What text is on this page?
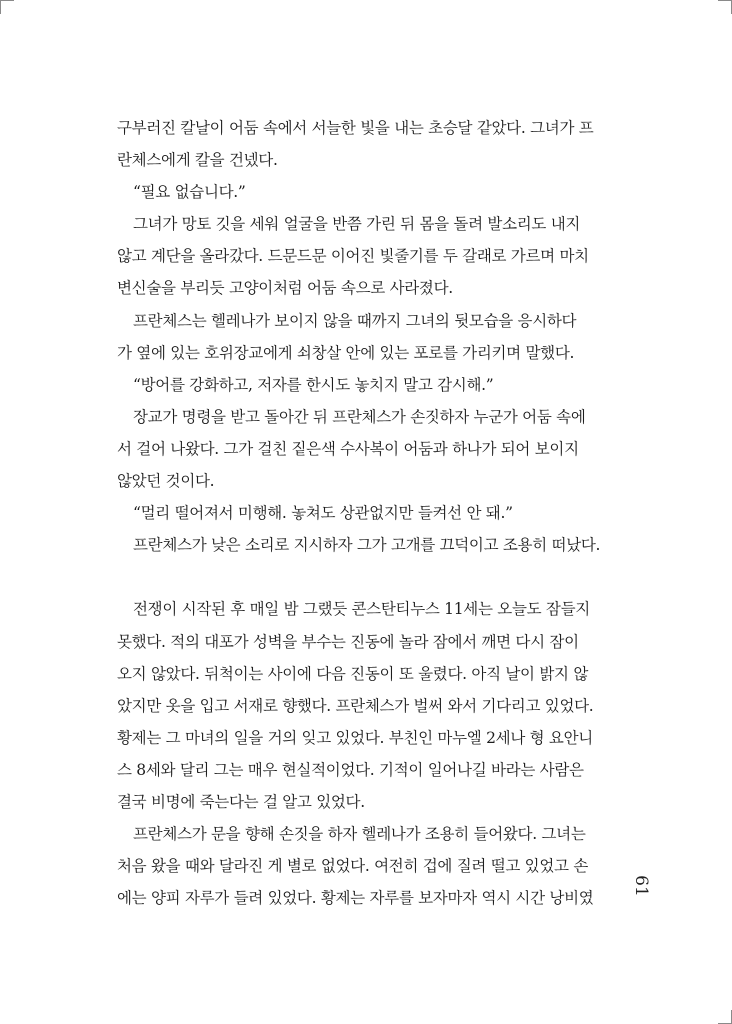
구부러진 칼날이 어둠 속에서 서늘한 빛을 내는 초승달 같았다. 그녀가 프
란체스에게 칼을 건넸다.
“필요 없습니다.”
그녀가 망토 깃을 세워 얼굴을 반쯤 가린 뒤 몸을 돌려 발소리도 내지
않고 계단을 올라갔다. 드문드문 이어진 빛줄기를 두 갈래로 가르며 마치
변신술을 부리듯 고양이처럼 어둠 속으로 사라졌다.
프란체스는 헬레나가 보이지 않을 때까지 그녀의 뒷모습을 응시하다
가 옆에 있는 호위장교에게 쇠창살 안에 있는 포로를 가리키며 말했다.
“방어를 강화하고, 저자를 한시도 놓치지 말고 감시해.”
장교가 명령을 받고 돌아간 뒤 프란체스가 손짓하자 누군가 어둠 속에
서 걸어 나왔다. 그가 걸친 짙은색 수사복이 어둠과 하나가 되어 보이지
않았던 것이다.
“멀리 떨어져서 미행해. 놓쳐도 상관없지만 들켜선 안 돼.”
프란체스가 낮은 소리로 지시하자 그가 고개를 끄덕이고 조용히 떠났다.
전쟁이 시작된 후 매일 밤 그랬듯 콘스탄티누스 11세는 오늘도 잠들지
못했다. 적의 대포가 성벽을 부수는 진동에 놀라 잠에서 깨면 다시 잠이
오지 않았다. 뒤척이는 사이에 다음 진동이 또 울렸다. 아직 날이 밝지 않
았지만 옷을 입고 서재로 향했다. 프란체스가 벌써 와서 기다리고 있었다.
황제는 그 마녀의 일을 거의 잊고 있었다. 부친인 마누엘 2세나 형 요안니
스 8세와 달리 그는 매우 현실적이었다. 기적이 일어나길 바라는 사람은
결국 비명에 죽는다는 걸 알고 있었다.
프란체스가 문을 향해 손짓을 하자 헬레나가 조용히 들어왔다. 그녀는
처음 왔을 때와 달라진 게 별로 없었다. 여전히 겁에 질려 떨고 있었고 손
에는 양피 자루가 들려 있었다. 황제는 자루를 보자마자 역시 시간 낭비였
61
